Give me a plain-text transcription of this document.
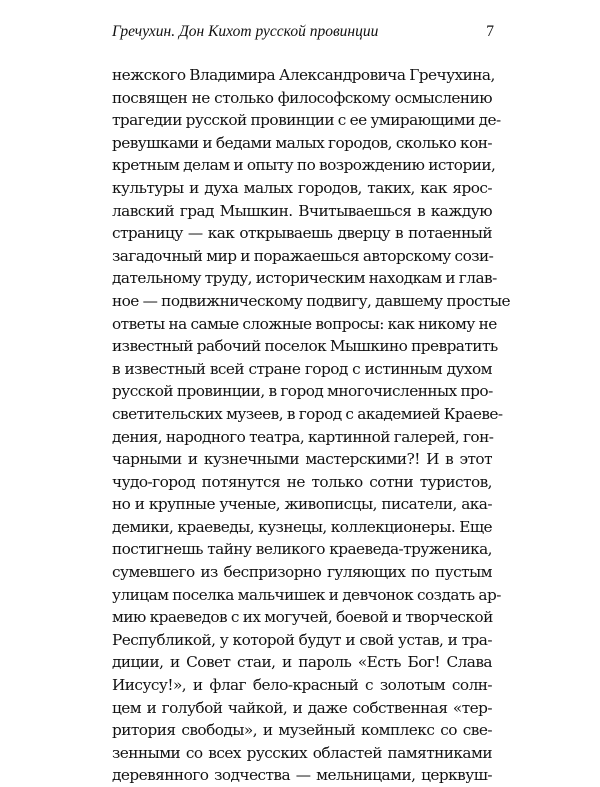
Гречухин. Дон Кихот русской провинции	7
нежского Владимира Александровича Гречухина,
посвящен не столько философскому осмыслению
трагедии русской провинции с ее умирающими де-
ревушками и бедами малых городов, сколько кон-
кретным делам и опыту по возрождению истории,
культуры и духа малых городов, таких, как ярос-
лавский град Мышкин. Вчитываешься в каждую
страницу — как открываешь дверцу в потаенный
загадочный мир и поражаешься авторскому сози-
дательному труду, историческим находкам и глав-
ное — подвижническому подвигу, давшему простые
ответы на самые сложные вопросы: как никому не
известный рабочий поселок Мышкино превратить
в известный всей стране город с истинным духом
русской провинции, в город многочисленных про-
светительских музеев, в город с академией Краеве-
дения, народного театра, картинной галерей, гон-
чарными и кузнечными мастерскими?! И в этот
чудо-город потянутся не только сотни туристов,
но и крупные ученые, живописцы, писатели, ака-
демики, краеведы, кузнецы, коллекционеры. Еще
постигнешь тайну великого краеведа-труженика,
сумевшего из беспризорно гуляющих по пустым
улицам поселка мальчишек и девчонок создать ар-
мию краеведов с их могучей, боевой и творческой
Республикой, у которой будут и свой устав, и тра-
диции, и Совет стаи, и пароль «Есть Бог! Слава
Иисусу!», и флаг бело-красный с золотым солн-
цем и голубой чайкой, и даже собственная «тер-
ритория свободы», и музейный комплекс со све-
зенными со всех русских областей памятниками
деревянного зодчества — мельницами, церквуш-
